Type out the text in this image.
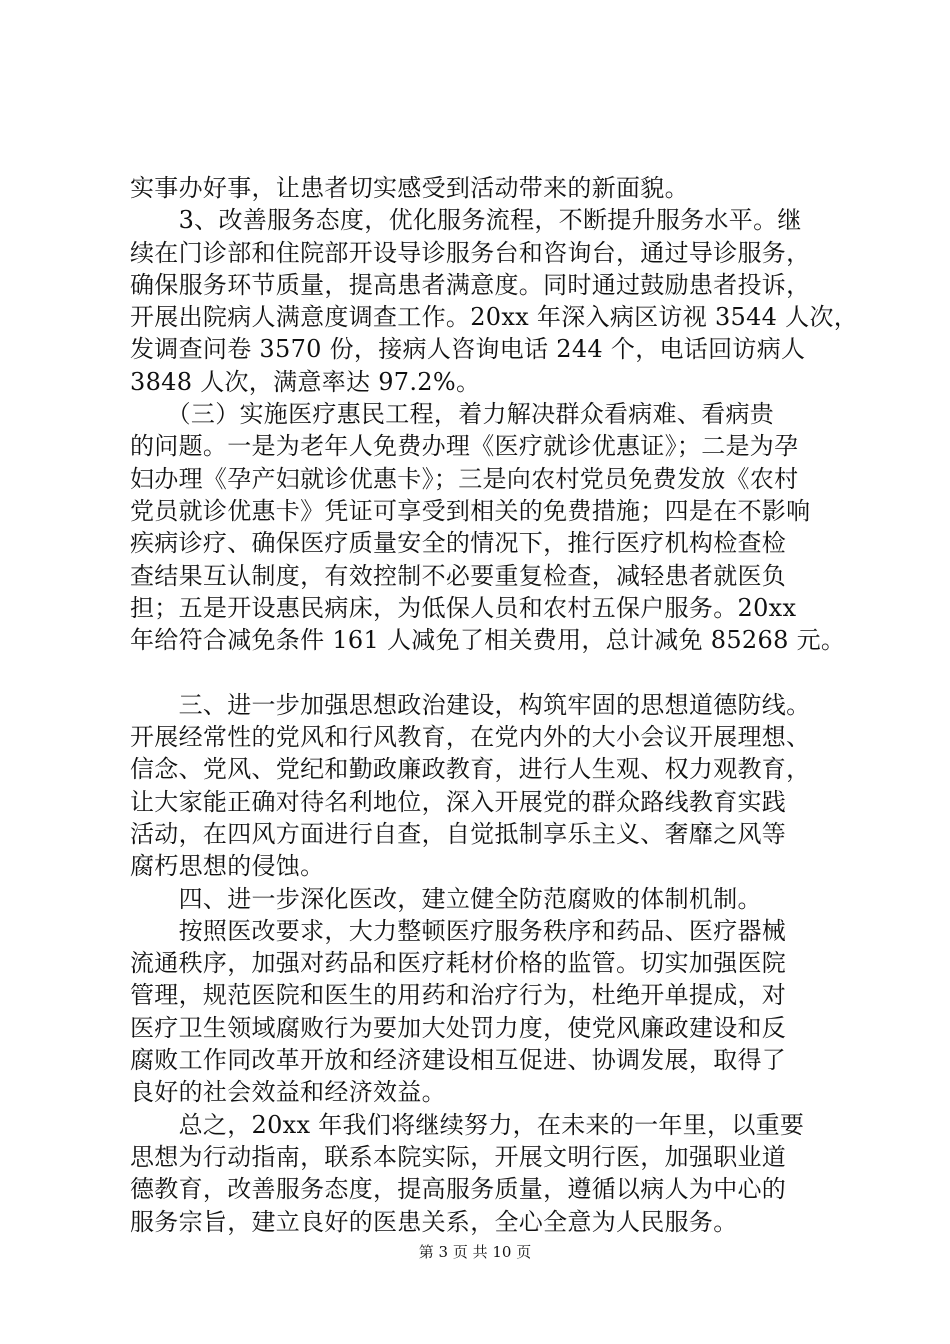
实事办好事，让患者切实感受到活动带来的新面貌。
　　3、改善服务态度，优化服务流程，不断提升服务水平。继
续在门诊部和住院部开设导诊服务台和咨询台，通过导诊服务，
确保服务环节质量，提高患者满意度。同时通过鼓励患者投诉，
开展出院病人满意度调查工作。20xx 年深入病区访视 3544 人次，
发调查问卷 3570 份，接病人咨询电话 244 个，电话回访病人
3848 人次，满意率达 97.2%。
　　（三）实施医疗惠民工程，着力解决群众看病难、看病贵
的问题。一是为老年人免费办理《医疗就诊优惠证》；二是为孕
妇办理《孕产妇就诊优惠卡》；三是向农村党员免费发放《农村
党员就诊优惠卡》凭证可享受到相关的免费措施；四是在不影响
疾病诊疗、确保医疗质量安全的情况下，推行医疗机构检查检
查结果互认制度，有效控制不必要重复检查，减轻患者就医负
担；五是开设惠民病床，为低保人员和农村五保户服务。20xx
年给符合减免条件 161 人减免了相关费用，总计减免 85268 元。
　　三、进一步加强思想政治建设，构筑牢固的思想道德防线。
开展经常性的党风和行风教育，在党内外的大小会议开展理想、
信念、党风、党纪和勤政廉政教育，进行人生观、权力观教育，
让大家能正确对待名利地位，深入开展党的群众路线教育实践
活动，在四风方面进行自查，自觉抵制享乐主义、奢靡之风等
腐朽思想的侵蚀。
　　四、进一步深化医改，建立健全防范腐败的体制机制。
　　按照医改要求，大力整顿医疗服务秩序和药品、医疗器械
流通秩序，加强对药品和医疗耗材价格的监管。切实加强医院
管理，规范医院和医生的用药和治疗行为，杜绝开单提成，对
医疗卫生领域腐败行为要加大处罚力度，使党风廉政建设和反
腐败工作同改革开放和经济建设相互促进、协调发展，取得了
良好的社会效益和经济效益。
　　总之，20xx 年我们将继续努力，在未来的一年里，以重要
思想为行动指南，联系本院实际，开展文明行医，加强职业道
德教育，改善服务态度，提高服务质量，遵循以病人为中心的
服务宗旨，建立良好的医患关系，全心全意为人民服务。
第 3 页 共 10 页
